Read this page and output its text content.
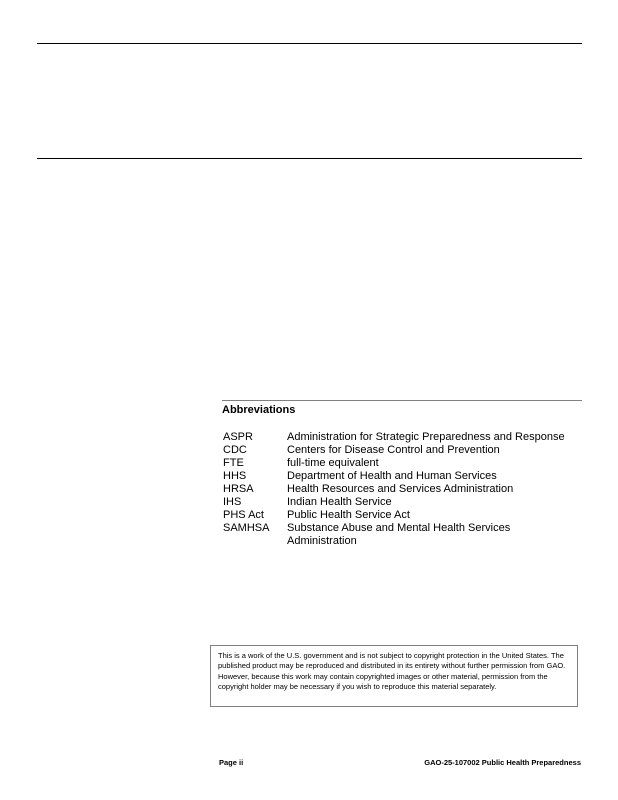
Abbreviations
ASPR	Administration for Strategic Preparedness and Response
CDC	Centers for Disease Control and Prevention
FTE	full-time equivalent
HHS	Department of Health and Human Services
HRSA	Health Resources and Services Administration
IHS	Indian Health Service
PHS Act	Public Health Service Act
SAMHSA	Substance Abuse and Mental Health Services Administration
This is a work of the U.S. government and is not subject to copyright protection in the United States. The published product may be reproduced and distributed in its entirety without further permission from GAO. However, because this work may contain copyrighted images or other material, permission from the copyright holder may be necessary if you wish to reproduce this material separately.
Page ii	GAO-25-107002 Public Health Preparedness
